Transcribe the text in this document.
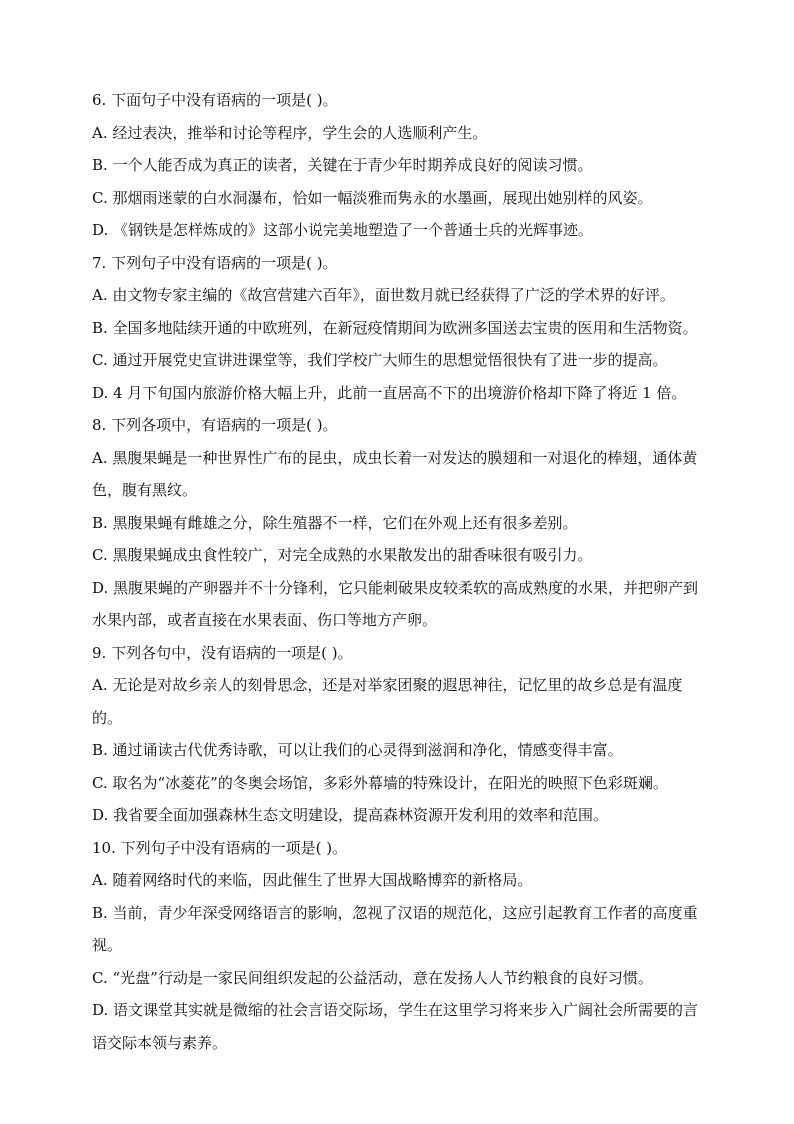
6. 下面句子中没有语病的一项是( )。
A. 经过表决，推举和讨论等程序，学生会的人选顺利产生。
B. 一个人能否成为真正的读者，关键在于青少年时期养成良好的阅读习惯。
C. 那烟雨迷蒙的白水洞瀑布，恰如一幅淡雅而隽永的水墨画，展现出她别样的风姿。
D. 《钢铁是怎样炼成的》这部小说完美地塑造了一个普通士兵的光辉事迹。
7. 下列句子中没有语病的一项是( )。
A. 由文物专家主编的《故宫营建六百年》，面世数月就已经获得了广泛的学术界的好评。
B. 全国多地陆续开通的中欧班列，在新冠疫情期间为欧洲多国送去宝贵的医用和生活物资。
C. 通过开展党史宣讲进课堂等，我们学校广大师生的思想觉悟很快有了进一步的提高。
D. 4 月下旬国内旅游价格大幅上升，此前一直居高不下的出境游价格却下降了将近 1 倍。
8. 下列各项中，有语病的一项是( )。
A. 黑腹果蝇是一种世界性广布的昆虫，成虫长着一对发达的膜翅和一对退化的棒翅，通体黄
色，腹有黑纹。
B. 黑腹果蝇有雌雄之分，除生殖器不一样，它们在外观上还有很多差别。
C. 黑腹果蝇成虫食性较广，对完全成熟的水果散发出的甜香味很有吸引力。
D. 黑腹果蝇的产卵器并不十分锋利，它只能刺破果皮较柔软的高成熟度的水果，并把卵产到
水果内部，或者直接在水果表面、伤口等地方产卵。
9. 下列各句中，没有语病的一项是( )。
A. 无论是对故乡亲人的刻骨思念，还是对举家团聚的遐思神往，记忆里的故乡总是有温度
的。
B. 通过诵读古代优秀诗歌，可以让我们的心灵得到滋润和净化，情感变得丰富。
C. 取名为“冰菱花”的冬奥会场馆，多彩外幕墙的特殊设计，在阳光的映照下色彩斑斓。
D. 我省要全面加强森林生态文明建设，提高森林资源开发利用的效率和范围。
10. 下列句子中没有语病的一项是( )。
A. 随着网络时代的来临，因此催生了世界大国战略博弈的新格局。
B. 当前，青少年深受网络语言的影响，忽视了汉语的规范化，这应引起教育工作者的高度重
视。
C. “光盘”行动是一家民间组织发起的公益活动，意在发扬人人节约粮食的良好习惯。
D. 语文课堂其实就是微缩的社会言语交际场，学生在这里学习将来步入广阔社会所需要的言
语交际本领与素养。
